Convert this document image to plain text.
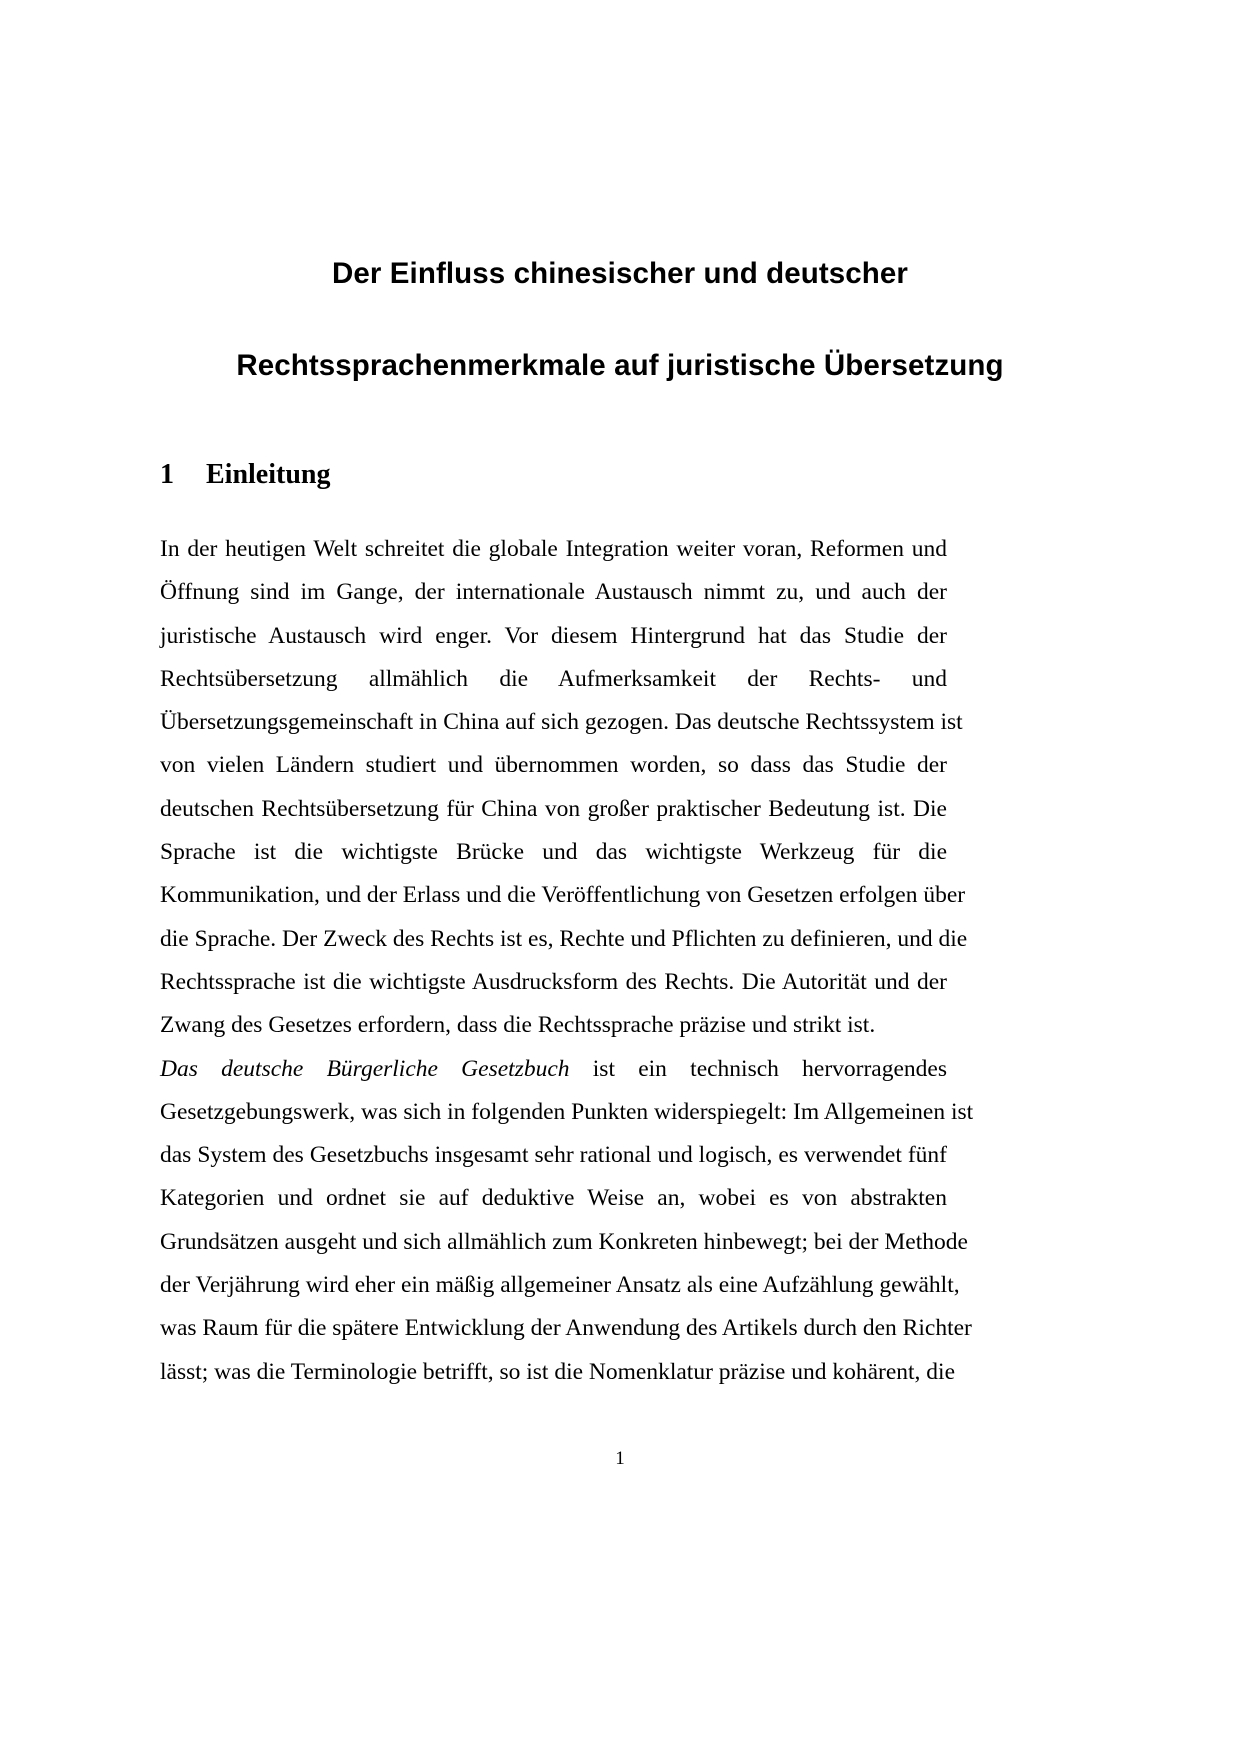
Der Einfluss chinesischer und deutscher
Rechtssprachenmerkmale auf juristische Übersetzung
1 Einleitung

In der heutigen Welt schreitet die globale Integration weiter voran, Reformen und
Öffnung sind im Gange, der internationale Austausch nimmt zu, und auch der
juristische Austausch wird enger. Vor diesem Hintergrund hat das Studie der
Rechtsübersetzung allmählich die Aufmerksamkeit der Rechts- und
Übersetzungsgemeinschaft in China auf sich gezogen. Das deutsche Rechtssystem ist
von vielen Ländern studiert und übernommen worden, so dass das Studie der
deutschen Rechtsübersetzung für China von großer praktischer Bedeutung ist. Die
Sprache ist die wichtigste Brücke und das wichtigste Werkzeug für die
Kommunikation, und der Erlass und die Veröffentlichung von Gesetzen erfolgen über
die Sprache. Der Zweck des Rechts ist es, Rechte und Pflichten zu definieren, und die
Rechtssprache ist die wichtigste Ausdrucksform des Rechts. Die Autorität und der
Zwang des Gesetzes erfordern, dass die Rechtssprache präzise und strikt ist.

Das deutsche Bürgerliche Gesetzbuch ist ein technisch hervorragendes
Gesetzgebungswerk, was sich in folgenden Punkten widerspiegelt: Im Allgemeinen ist
das System des Gesetzbuchs insgesamt sehr rational und logisch, es verwendet fünf
Kategorien und ordnet sie auf deduktive Weise an, wobei es von abstrakten
Grundsätzen ausgeht und sich allmählich zum Konkreten hinbewegt; bei der Methode
der Verjährung wird eher ein mäßig allgemeiner Ansatz als eine Aufzählung gewählt,
was Raum für die spätere Entwicklung der Anwendung des Artikels durch den Richter
lässt; was die Terminologie betrifft, so ist die Nomenklatur präzise und kohärent, die

1
